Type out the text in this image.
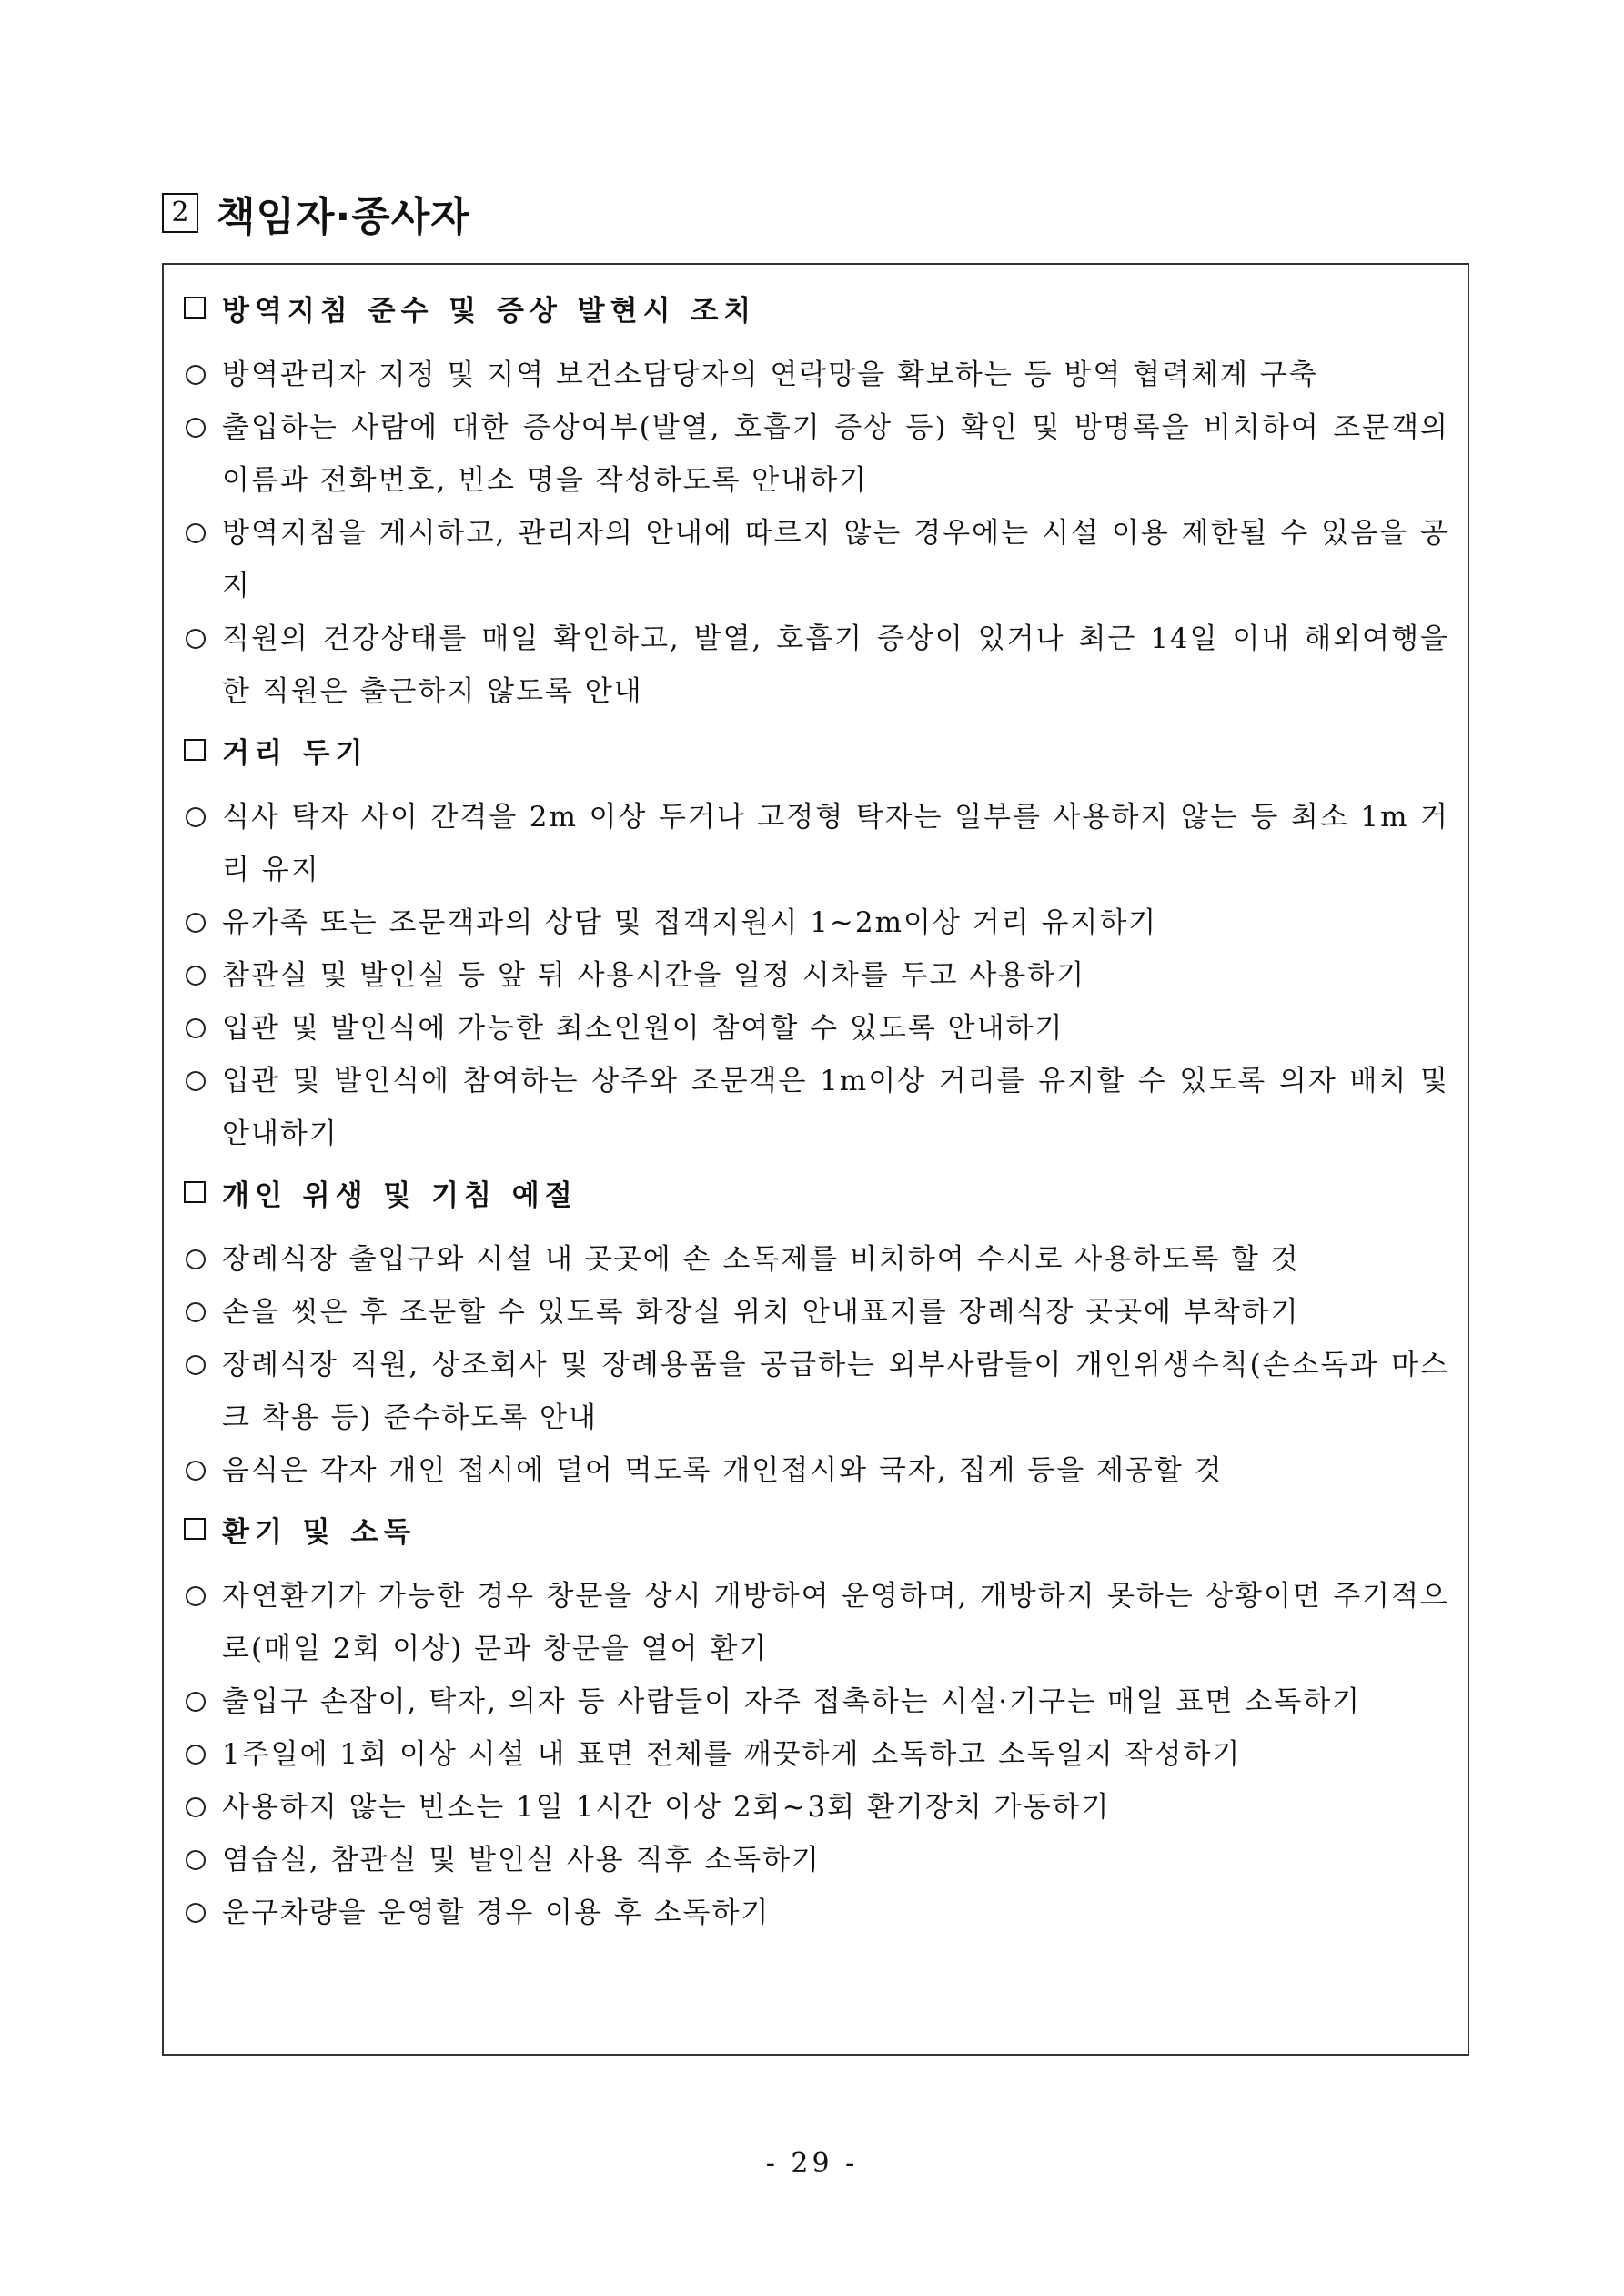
2 책임자·종사자
방역지침 준수 및 증상 발현시 조치
방역관리자 지정 및 지역 보건소담당자의 연락망을 확보하는 등 방역 협력체계 구축
출입하는 사람에 대한 증상여부(발열, 호흡기 증상 등) 확인 및 방명록을 비치하여 조문객의 이름과 전화번호, 빈소 명을 작성하도록 안내하기
방역지침을 게시하고, 관리자의 안내에 따르지 않는 경우에는 시설 이용 제한될 수 있음을 공지
직원의 건강상태를 매일 확인하고, 발열, 호흡기 증상이 있거나 최근 14일 이내 해외여행을 한 직원은 출근하지 않도록 안내
거리 두기
식사 탁자 사이 간격을 2m 이상 두거나 고정형 탁자는 일부를 사용하지 않는 등 최소 1m 거리 유지
유가족 또는 조문객과의 상담 및 접객지원시 1~2m이상 거리 유지하기
참관실 및 발인실 등 앞 뒤 사용시간을 일정 시차를 두고 사용하기
입관 및 발인식에 가능한 최소인원이 참여할 수 있도록 안내하기
입관 및 발인식에 참여하는 상주와 조문객은 1m이상 거리를 유지할 수 있도록 의자 배치 및 안내하기
개인 위생 및 기침 예절
장례식장 출입구와 시설 내 곳곳에 손 소독제를 비치하여 수시로 사용하도록 할 것
손을 씻은 후 조문할 수 있도록 화장실 위치 안내표지를 장례식장 곳곳에 부착하기
장례식장 직원, 상조회사 및 장례용품을 공급하는 외부사람들이 개인위생수칙(손소독과 마스크 착용 등) 준수하도록 안내
음식은 각자 개인 접시에 덜어 먹도록 개인접시와 국자, 집게 등을 제공할 것
환기 및 소독
자연환기가 가능한 경우 창문을 상시 개방하여 운영하며, 개방하지 못하는 상황이면 주기적으로(매일 2회 이상) 문과 창문을 열어 환기
출입구 손잡이, 탁자, 의자 등 사람들이 자주 접촉하는 시설·기구는 매일 표면 소독하기
1주일에 1회 이상 시설 내 표면 전체를 깨끗하게 소독하고 소독일지 작성하기
사용하지 않는 빈소는 1일 1시간 이상 2회~3회 환기장치 가동하기
염습실, 참관실 및 발인실 사용 직후 소독하기
운구차량을 운영할 경우 이용 후 소독하기
- 29 -
